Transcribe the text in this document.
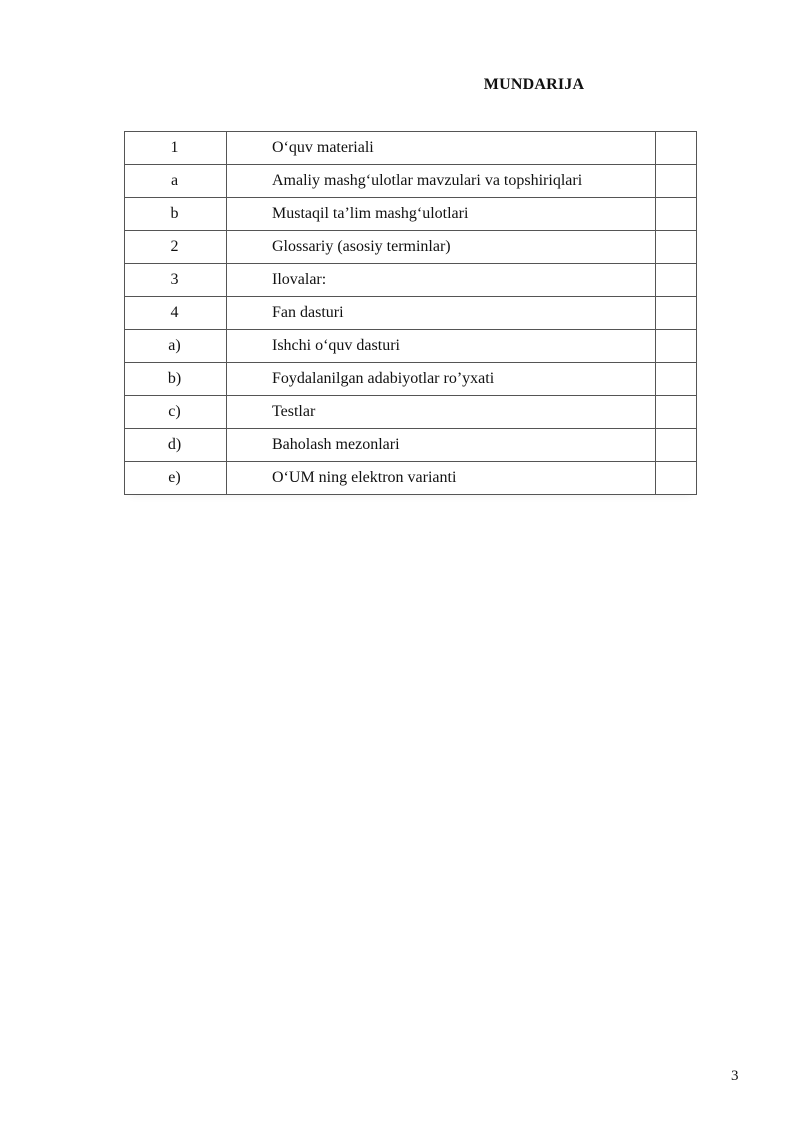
MUNDARIJA
1	O‘quv materiali	
a	Amaliy mashg‘ulotlar mavzulari va topshiriqlari	
b	Mustaqil ta’lim mashg‘ulotlari	
2	Glossariy (asosiy terminlar)	
3	Ilovalar:	
4	Fan dasturi	
a)	Ishchi o‘quv dasturi	
b)	Foydalanilgan adabiyotlar ro’yxati	
c)	Testlar	
d)	Baholash mezonlari	
e)	O‘UM ning elektron varianti	
3
